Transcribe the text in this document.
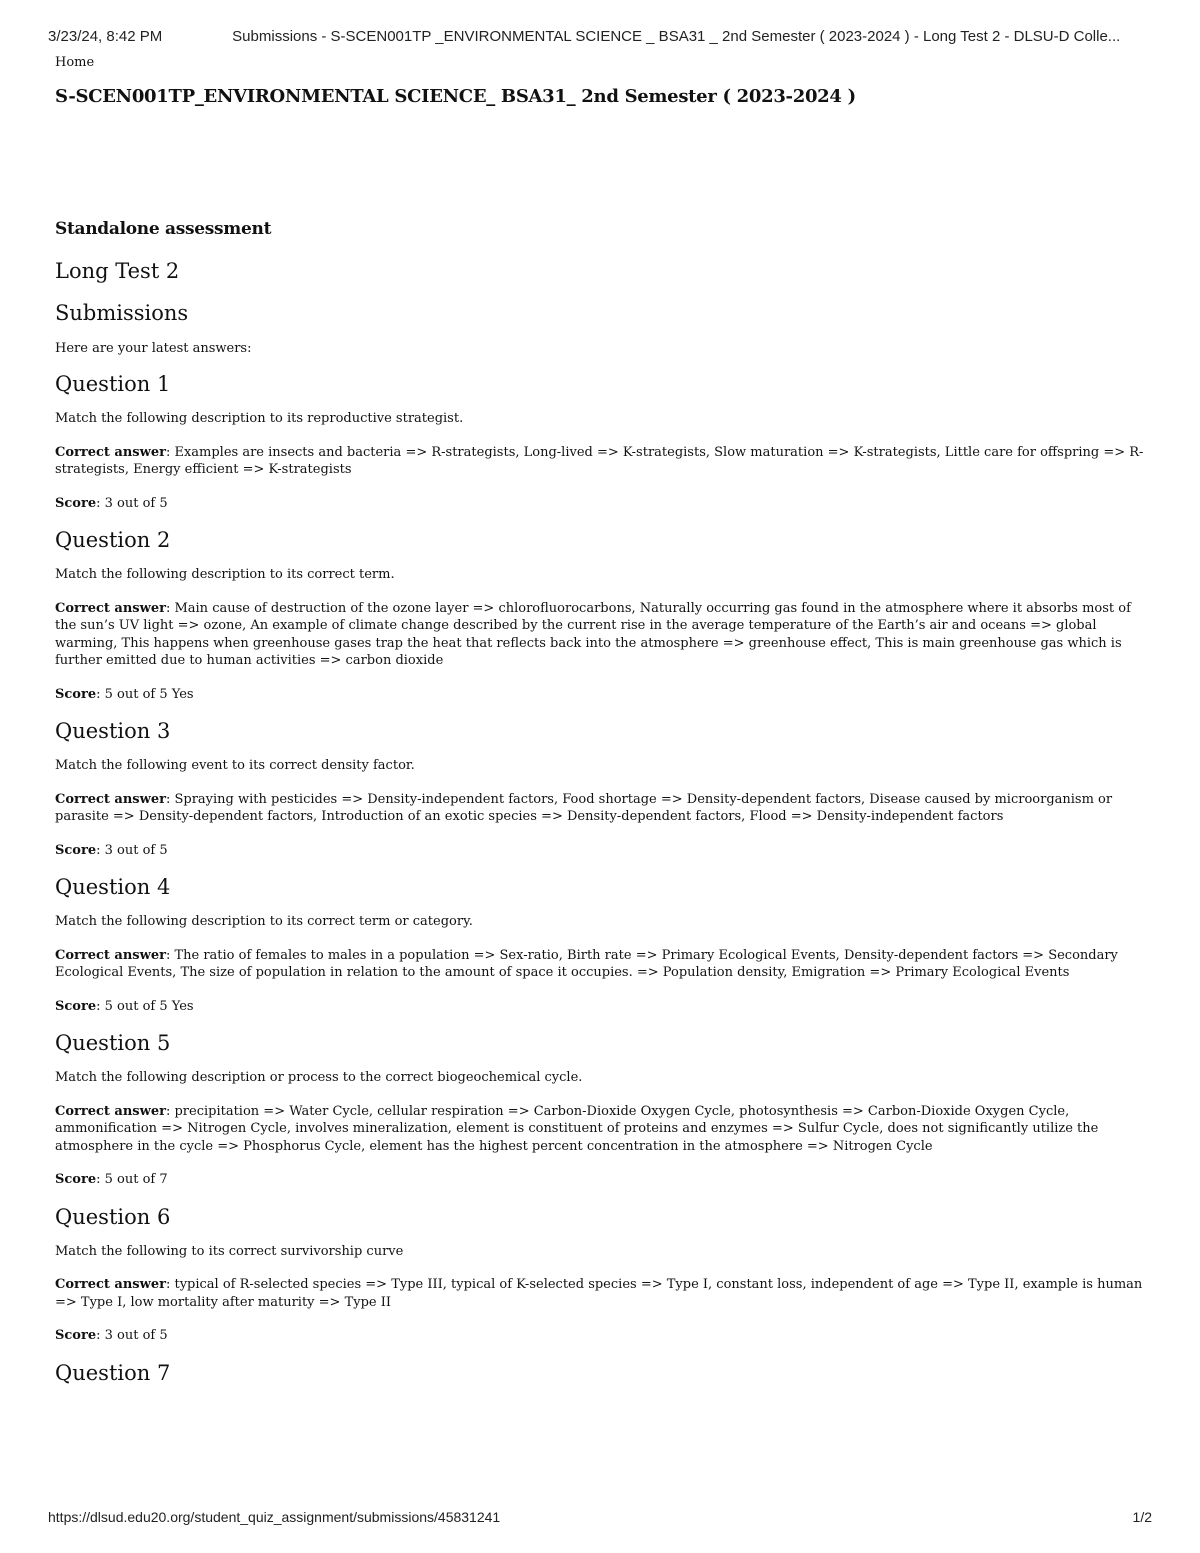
3/23/24, 8:42 PM	Submissions - S-SCEN001TP _ENVIRONMENTAL SCIENCE _ BSA31 _ 2nd Semester ( 2023-2024 ) - Long Test 2 - DLSU-D Colle...
Home
S-SCEN001TP_ENVIRONMENTAL SCIENCE_ BSA31_ 2nd Semester ( 2023-2024 )
Standalone assessment
Long Test 2
Submissions

Here are your latest answers:

Question 1

Match the following description to its reproductive strategist.

Correct answer: Examples are insects and bacteria => R-strategists, Long-lived => K-strategists, Slow maturation => K-strategists, Little care for offspring => R-strategists, Energy efficient => K-strategists

Score: 3 out of 5

Question 2

Match the following description to its correct term.

Correct answer: Main cause of destruction of the ozone layer => chlorofluorocarbons, Naturally occurring gas found in the atmosphere where it absorbs most of the sun’s UV light => ozone, An example of climate change described by the current rise in the average temperature of the Earth’s air and oceans => global warming, This happens when greenhouse gases trap the heat that reflects back into the atmosphere => greenhouse effect, This is main greenhouse gas which is further emitted due to human activities => carbon dioxide

Score: 5 out of 5 Yes

Question 3

Match the following event to its correct density factor.

Correct answer: Spraying with pesticides => Density-independent factors, Food shortage => Density-dependent factors, Disease caused by microorganism or parasite => Density-dependent factors, Introduction of an exotic species => Density-dependent factors, Flood => Density-independent factors

Score: 3 out of 5

Question 4

Match the following description to its correct term or category.

Correct answer: The ratio of females to males in a population => Sex-ratio, Birth rate => Primary Ecological Events, Density-dependent factors => Secondary Ecological Events, The size of population in relation to the amount of space it occupies. => Population density, Emigration => Primary Ecological Events

Score: 5 out of 5 Yes

Question 5

Match the following description or process to the correct biogeochemical cycle.

Correct answer: precipitation => Water Cycle, cellular respiration => Carbon-Dioxide Oxygen Cycle, photosynthesis => Carbon-Dioxide Oxygen Cycle, ammonification => Nitrogen Cycle, involves mineralization, element is constituent of proteins and enzymes => Sulfur Cycle, does not significantly utilize the atmosphere in the cycle => Phosphorus Cycle, element has the highest percent concentration in the atmosphere => Nitrogen Cycle

Score: 5 out of 7

Question 6

Match the following to its correct survivorship curve

Correct answer: typical of R-selected species => Type III, typical of K-selected species => Type I, constant loss, independent of age => Type II, example is human => Type I, low mortality after maturity => Type II

Score: 3 out of 5

Question 7
https://dlsud.edu20.org/student_quiz_assignment/submissions/45831241	1/2
